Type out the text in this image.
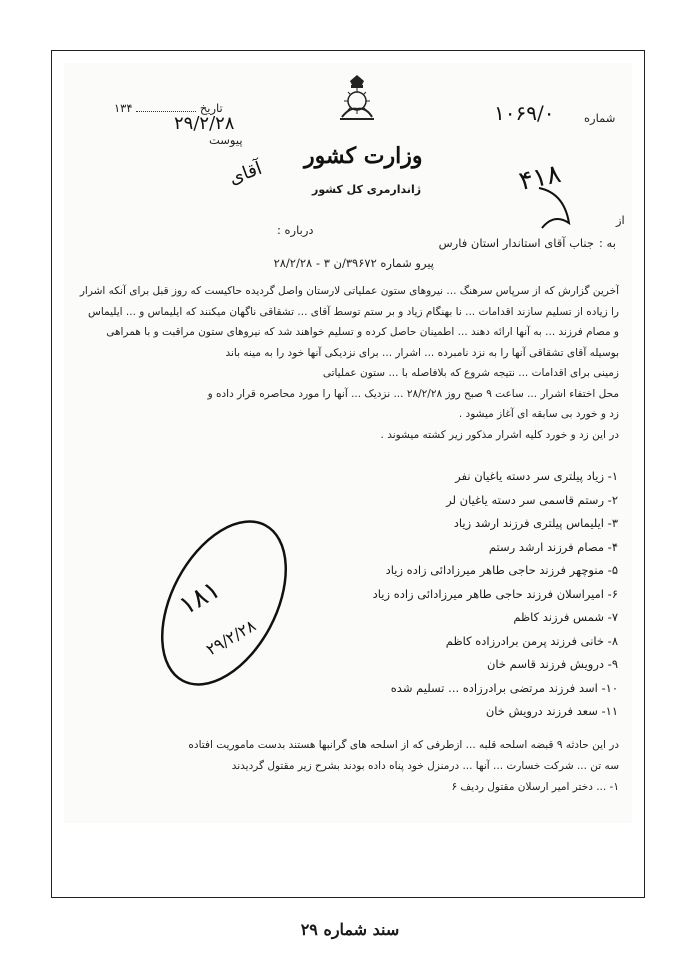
وزارت کشور
ژاندارمری کل کشور
تاریخ  ۱۳۴
۲۹/۲/۲۸
پیوست
شماره
۱۰۶۹/۰
۴۱۸
آقای
از
درباره :
به :
جناب آقای استاندار استان فارس
پیرو شماره ۳۹۶۷۲/ن ۳ - ۲۸/۲/۲۸
آخرین گزارش که از سرپاس سرهنگ ... نیروهای ستون عملیاتی لارستان واصل گردیده حاکیست که روز قبل برای آنکه اشرار
را زیاده از تسلیم سازند اقدامات ... نا بهنگام زیاد و بر ستم توسط آقای ... تشقاقی ناگهان میکنند که ایلیماس و ... ایلیماس
و مصام فرزند ... به آنها ارائه دهند ... اطمینان حاصل کرده و تسلیم خواهند شد که نیروهای ستون مراقبت و با همراهی
بوسیله آقای تشقاقی آنها را به نزد نامبرده ... اشرار ... برای نزدیکی آنها خود را به مینه باند
زمینی برای اقدامات ... نتیجه شروع که بلافاصله با ... ستون عملیاتی
محل اختفاء اشرار ... ساعت ۹ صبح روز ۲۸/۲/۲۸ ... نزدیک ... آنها را مورد محاصره قرار داده و
زد و خورد بی سابقه ای آغاز میشود .
در این زد و خورد کلیه اشرار مذکور زیر کشته میشوند .
۱- زیاد پیلتری سر دسته یاغیان نفر
۲- رستم قاسمی سر دسته یاغیان لر
۳- ایلیماس پیلتری فرزند ارشد زیاد
۴- مصام فرزند ارشد رستم
۵- منوچهر فرزند حاجی طاهر میرزادائی زاده زیاد
۶- امیراسلان فرزند حاجی طاهر میرزادائی زاده زیاد
۷- شمس فرزند کاظم
۸- خانی فرزند پرمن برادرزاده کاظم
۹- درویش فرزند قاسم خان
۱۰- اسد فرزند مرتضی برادرزاده ... تسلیم شده
۱۱- سعد فرزند درویش خان
در این حادثه ۹ قبضه اسلحه قلبه ... ازطرفی که از اسلحه های گرانبها هستند بدست ماموریت افتاده
سه تن ... شرکت خسارت ... آنها ... درمنزل خود پناه داده بودند بشرح زیر مقتول گردیدند
۱- ... دختر امیر ارسلان مقتول ردیف ۶
۱۸۱
۲۹/۲/۲۸
سند شماره ۲۹
